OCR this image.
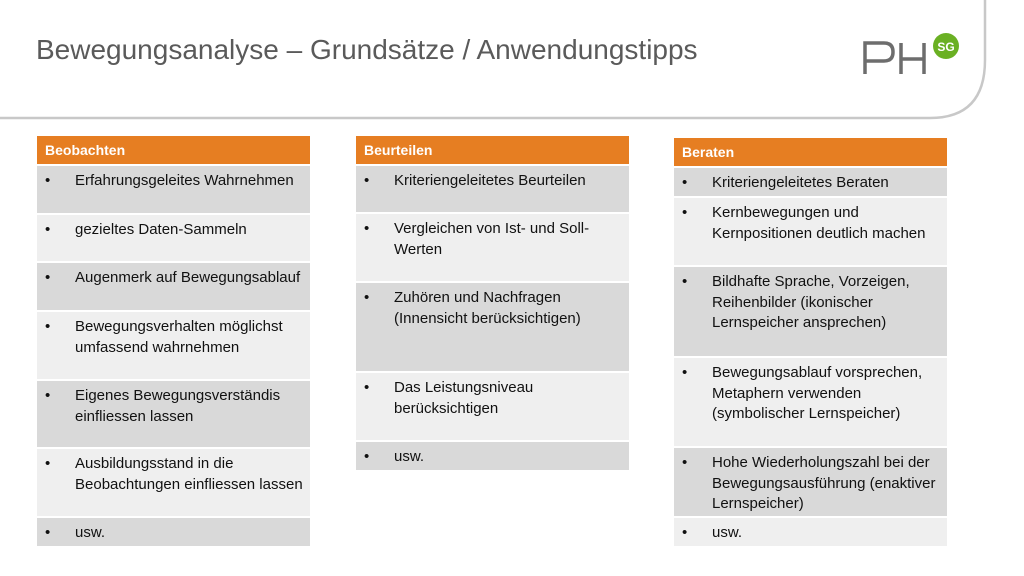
Bewegungsanalyse – Grundsätze / Anwendungstipps	SG
Beobachten
•	Erfahrungsgeleites Wahrnehmen
•	gezieltes Daten-Sammeln
•	Augenmerk auf Bewegungsablauf
•	Bewegungsverhalten möglichst umfassend wahrnehmen
•	Eigenes Bewegungsverständis einfliessen lassen
•	Ausbildungsstand in die Beobachtungen einfliessen lassen
•	usw.
Beurteilen
•	Kriteriengeleitetes Beurteilen
•	Vergleichen von Ist- und Soll-Werten
•	Zuhören und Nachfragen (Innensicht berücksichtigen)
•	Das Leistungsniveau berücksichtigen
•	usw.
Beraten
•	Kriteriengeleitetes Beraten
•	Kernbewegungen und Kernpositionen deutlich machen
•	Bildhafte Sprache, Vorzeigen, Reihenbilder (ikonischer Lernspeicher ansprechen)
•	Bewegungsablauf vorsprechen, Metaphern verwenden (symbolischer Lernspeicher)
•	Hohe Wiederholungszahl bei der Bewegungsausführung (enaktiver Lernspeicher)
•	usw.
